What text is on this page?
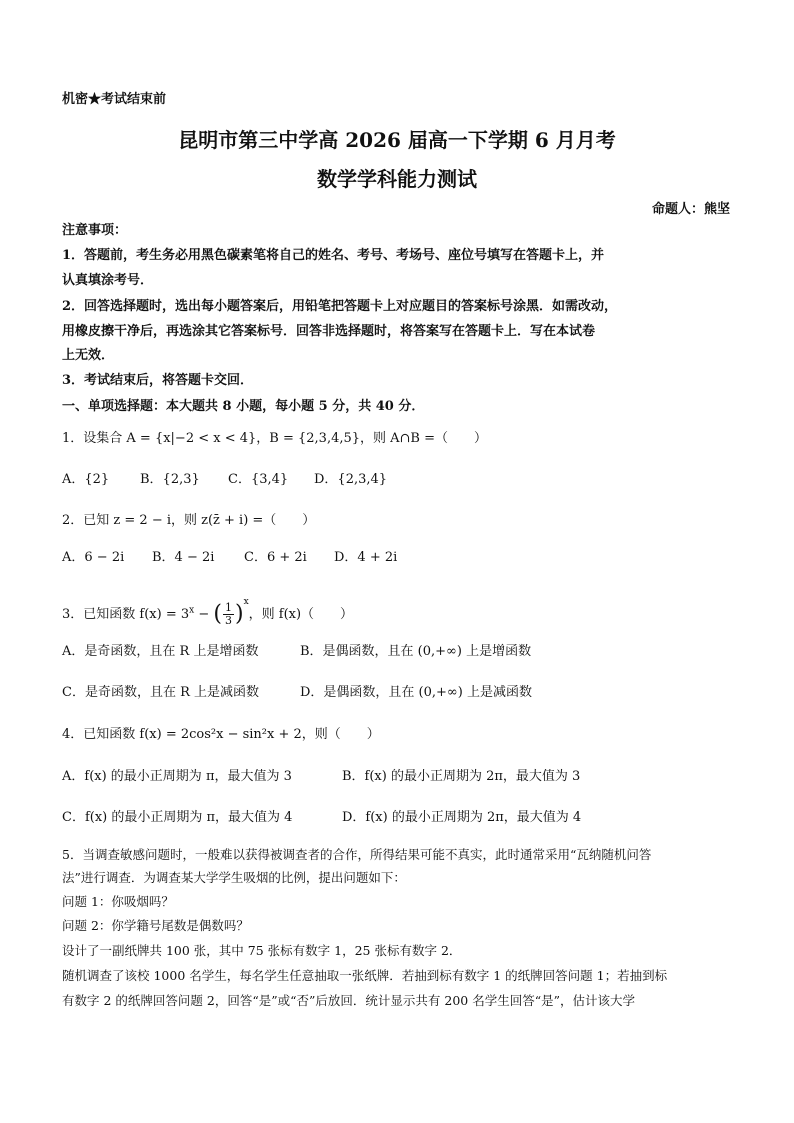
机密★考试结束前
昆明市第三中学高 2026 届高一下学期 6 月月考
数学学科能力测试
命题人：熊坚
注意事项：
1．答题前，考生务必用黑色碳素笔将自己的姓名、考号、考场号、座位号填写在答题卡上，并
认真填涂考号．
2．回答选择题时，选出每小题答案后，用铅笔把答题卡上对应题目的答案标号涂黑．如需改动，
用橡皮擦干净后，再选涂其它答案标号．回答非选择题时，将答案写在答题卡上．写在本试卷
上无效．
3．考试结束后，将答题卡交回．
一、单项选择题：本大题共 8 小题，每小题 5 分，共 40 分．
1．设集合 A = {x|−2 < x < 4}，B = {2,3,4,5}，则 A∩B =（　　）
A．{2} B．{2,3} C．{3,4} D．{2,3,4}
2．已知 z = 2 − i，则 z(z̄ + i) =（　　）
A．6 − 2i B．4 − 2i C．6 + 2i D．4 + 2i
3．已知函数 $f(x) = 3^x$ − ( $\frac{1}{3} )^x$，则 f(x)（　　）
A．是奇函数，且在 R 上是增函数	B．是偶函数，且在 (0,+∞) 上是增函数
C．是奇函数，且在 R 上是减函数	D．是偶函数，且在 (0,+∞) 上是减函数
4．已知函数 f(x) = 2cos²x − sin²x + 2，则（　　）
A．f(x) 的最小正周期为 π，最大值为 3	B．f(x) 的最小正周期为 2π，最大值为 3
C．f(x) 的最小正周期为 π，最大值为 4	D．f(x) 的最小正周期为 2π，最大值为 4
5．当调查敏感问题时，一般难以获得被调查者的合作，所得结果可能不真实，此时通常采用“瓦纳随机问答
法”进行调查．为调查某大学学生吸烟的比例，提出问题如下：
问题 1：你吸烟吗？
问题 2：你学籍号尾数是偶数吗？
设计了一副纸牌共 100 张，其中 75 张标有数字 1，25 张标有数字 2．
随机调查了该校 1000 名学生，每名学生任意抽取一张纸牌．若抽到标有数字 1 的纸牌回答问题 1；若抽到标
有数字 2 的纸牌回答问题 2，回答“是”或“否”后放回．统计显示共有 200 名学生回答“是”，估计该大学
